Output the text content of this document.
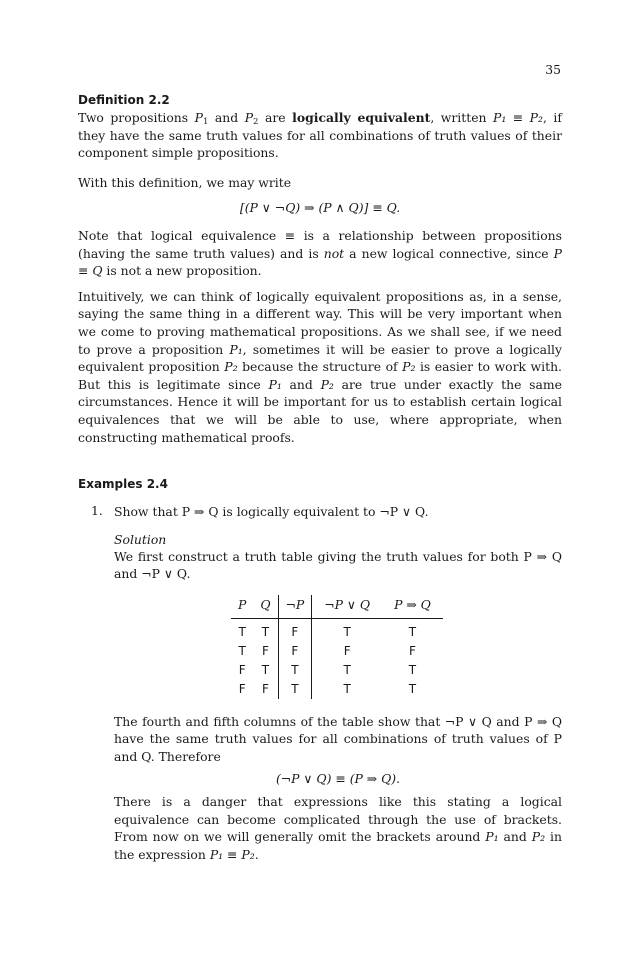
35
Definition 2.2

Two propositions $P_1$ and $P_2$ are logically equivalent, written P₁ ≡ P₂, if they have the same truth values for all combinations of truth values of their component simple propositions.

With this definition, we may write

[(P ∨ ¬Q) ⇒ (P ∧ Q)] ≡ Q.

Note that logical equivalence ≡ is a relationship between propositions (having the same truth values) and is not a new logical connective, since P ≡ Q is not a new proposition.

Intuitively, we can think of logically equivalent propositions as, in a sense, saying the same thing in a different way. This will be very important when we come to proving mathematical propositions. As we shall see, if we need to prove a proposition P₁, sometimes it will be easier to prove a logically equivalent proposition P₂ because the structure of P₂ is easier to work with. But this is legitimate since P₁ and P₂ are true under exactly the same circumstances. Hence it will be important for us to establish certain logical equivalences that we will be able to use, where appropriate, when constructing mathematical proofs.

Examples 2.4
1. Show that P ⇒ Q is logically equivalent to ¬P ∨ Q.

Solution

We first construct a truth table giving the truth values for both P ⇒ Q and ¬P ∨ Q.

P	Q	¬P	¬P ∨ Q	P ⇒ Q
T	T	F	T	T
T	F	F	F	F
F	T	T	T	T
F	F	T	T	T

The fourth and fifth columns of the table show that ¬P ∨ Q and P ⇒ Q have the same truth values for all combinations of truth values of P and Q. Therefore

(¬P ∨ Q) ≡ (P ⇒ Q).

There is a danger that expressions like this stating a logical equivalence can become complicated through the use of brackets. From now on we will generally omit the brackets around P₁ and P₂ in the expression P₁ ≡ P₂.
